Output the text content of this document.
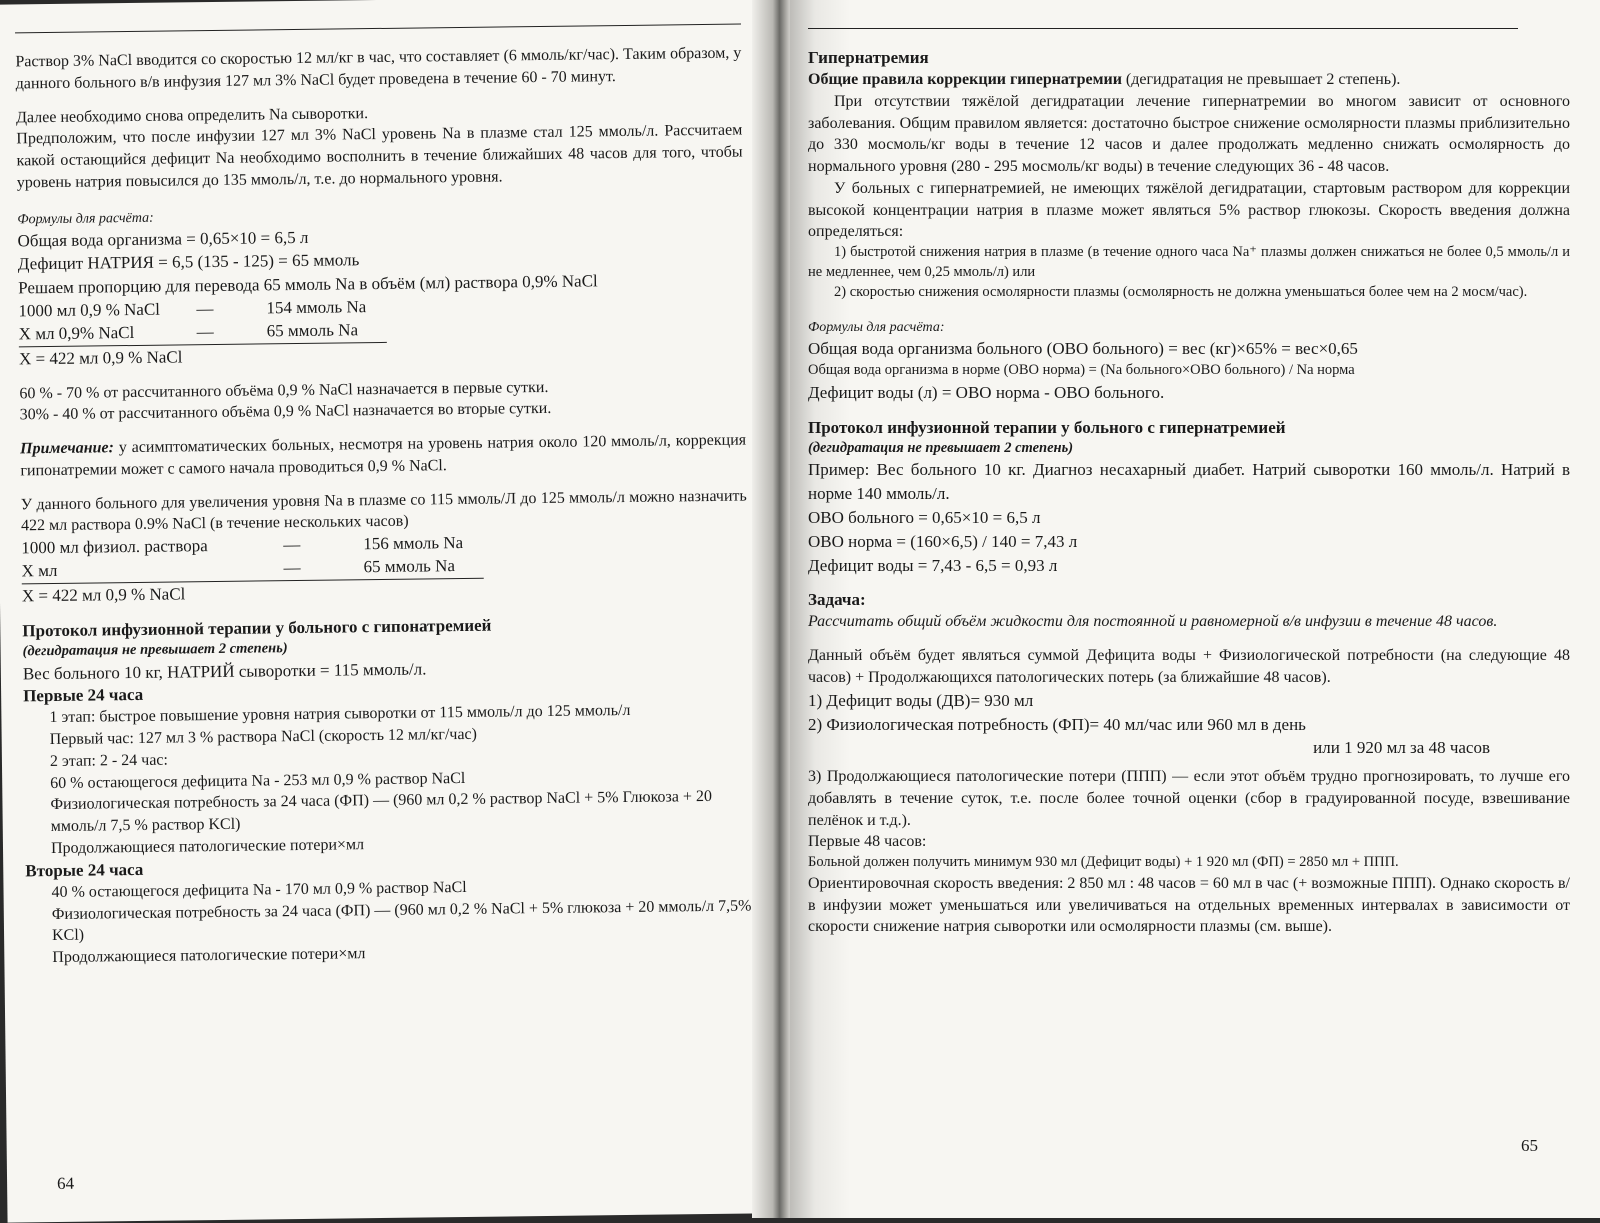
Раствор 3% NaCl вводится со скоростью 12 мл/кг в час, что составляет (6 ммоль/кг/час). Таким образом, у данного больного в/в инфузия 127 мл 3% NaCl будет проведена в течение 60 - 70 минут.

Далее необходимо снова определить Na сыворотки.

Предположим, что после инфузии 127 мл 3% NaCl уровень Na в плазме стал 125 ммоль/л. Рассчитаем какой остающийся дефицит Na необходимо восполнить в течение ближайших 48 часов для того, чтобы уровень натрия повысился до 135 ммоль/л, т.е. до нормального уровня.

Формулы для расчёта:

Общая вода организма = 0,65×10 = 6,5 л

Дефицит НАТРИЯ = 6,5 (135 - 125) = 65 ммоль

Решаем пропорцию для перевода 65 ммоль Na в объём (мл) раствора 0,9% NaCl

1000 мл 0,9 % NaCl	—	154 ммоль Na
X мл 0,9% NaCl	—	65 ммоль Na

X = 422 мл 0,9 % NaCl

60 % - 70 % от рассчитанного объёма 0,9 % NaCl назначается в первые сутки.

30% - 40 % от рассчитанного объёма 0,9 % NaCl назначается во вторые сутки.

Примечание: у асимптоматических больных, несмотря на уровень натрия около 120 ммоль/л, коррекция гипонатремии может с самого начала проводиться 0,9 % NaCl.

У данного больного для увеличения уровня Na в плазме со 115 ммоль/Л до 125 ммоль/л можно назначить 422 мл раствора 0.9% NaCl (в течение нескольких часов)

1000 мл физиол. раствора	—	156 ммоль Na
X мл	—	65 ммоль Na

X = 422 мл 0,9 % NaCl

Протокол инфузионной терапии у больного с гипонатремией

(дегидратация не превышает 2 степень)

Вес больного 10 кг, НАТРИЙ сыворотки = 115 ммоль/л.

Первые 24 часа

1 этап: быстрое повышение уровня натрия сыворотки от 115 ммоль/л до 125 ммоль/л

Первый час: 127 мл 3 % раствора NaCl (скорость 12 мл/кг/час)

2 этап: 2 - 24 час:

60 % остающегося дефицита Na - 253 мл 0,9 % раствор NaCl

Физиологическая потребность за 24 часа (ФП) — (960 мл 0,2 % раствор NaCl + 5% Глюкоза + 20 ммоль/л 7,5 % раствор KCl)

Продолжающиеся патологические потери×мл

Вторые 24 часа

40 % остающегося дефицита Na - 170 мл 0,9 % раствор NaCl

Физиологическая потребность за 24 часа (ФП) — (960 мл 0,2 % NaCl + 5% глюкоза + 20 ммоль/л 7,5% KCl)

Продолжающиеся патологические потери×мл

64

Гипернатремия

Общие правила коррекции гипернатремии (дегидратация не превышает 2 степень).

При отсутствии тяжёлой дегидратации лечение гипернатремии во многом зависит от основного заболевания. Общим правилом является: достаточно быстрое снижение осмолярности плазмы приблизительно до 330 мосмоль/кг воды в течение 12 часов и далее продолжать медленно снижать осмолярность до нормального уровня (280 - 295 мосмоль/кг воды) в течение следующих 36 - 48 часов.

У больных с гипернатремией, не имеющих тяжёлой дегидратации, стартовым раствором для коррекции высокой концентрации натрия в плазме может являться 5% раствор глюкозы. Скорость введения должна определяться:

1) быстротой снижения натрия в плазме (в течение одного часа Na⁺ плазмы должен снижаться не более 0,5 ммоль/л и не медленнее, чем 0,25 ммоль/л) или

2) скоростью снижения осмолярности плазмы (осмолярность не должна уменьшаться более чем на 2 мосм/час).

Формулы для расчёта:

Общая вода организма больного (ОВО больного) = вес (кг)×65% = вес×0,65

Общая вода организма в норме (ОВО норма) = (Na больного×ОВО больного) / Na норма

Дефицит воды (л) = ОВО норма - ОВО больного.

Протокол инфузионной терапии у больного с гипернатремией

(дегидратация не превышает 2 степень)

Пример: Вес больного 10 кг. Диагноз несахарный диабет. Натрий сыворотки 160 ммоль/л. Натрий в норме 140 ммоль/л.

ОВО больного = 0,65×10 = 6,5 л

ОВО норма = (160×6,5) / 140 = 7,43 л

Дефицит воды = 7,43 - 6,5 = 0,93 л

Задача:

Рассчитать общий объём жидкости для постоянной и равномерной в/в инфузии в течение 48 часов.

Данный объём будет являться суммой Дефицита воды + Физиологической потребности (на следующие 48 часов) + Продолжающихся патологических потерь (за ближайшие 48 часов).

1) Дефицит воды (ДВ)= 930 мл

2) Физиологическая потребность (ФП)= 40 мл/час или 960 мл в день

или 1 920 мл за 48 часов

3) Продолжающиеся патологические потери (ППП) — если этот объём трудно прогнозировать, то лучше его добавлять в течение суток, т.е. после более точной оценки (сбор в градуированной посуде, взвешивание пелёнок и т.д.).

Первые 48 часов:

Больной должен получить минимум 930 мл (Дефицит воды) + 1 920 мл (ФП) = 2850 мл + ППП.

Ориентировочная скорость введения: 2 850 мл : 48 часов = 60 мл в час (+ возможные ППП). Однако скорость в/в инфузии может уменьшаться или увеличиваться на отдельных временных интервалах в зависимости от скорости снижение натрия сыворотки или осмолярности плазмы (см. выше).

65
